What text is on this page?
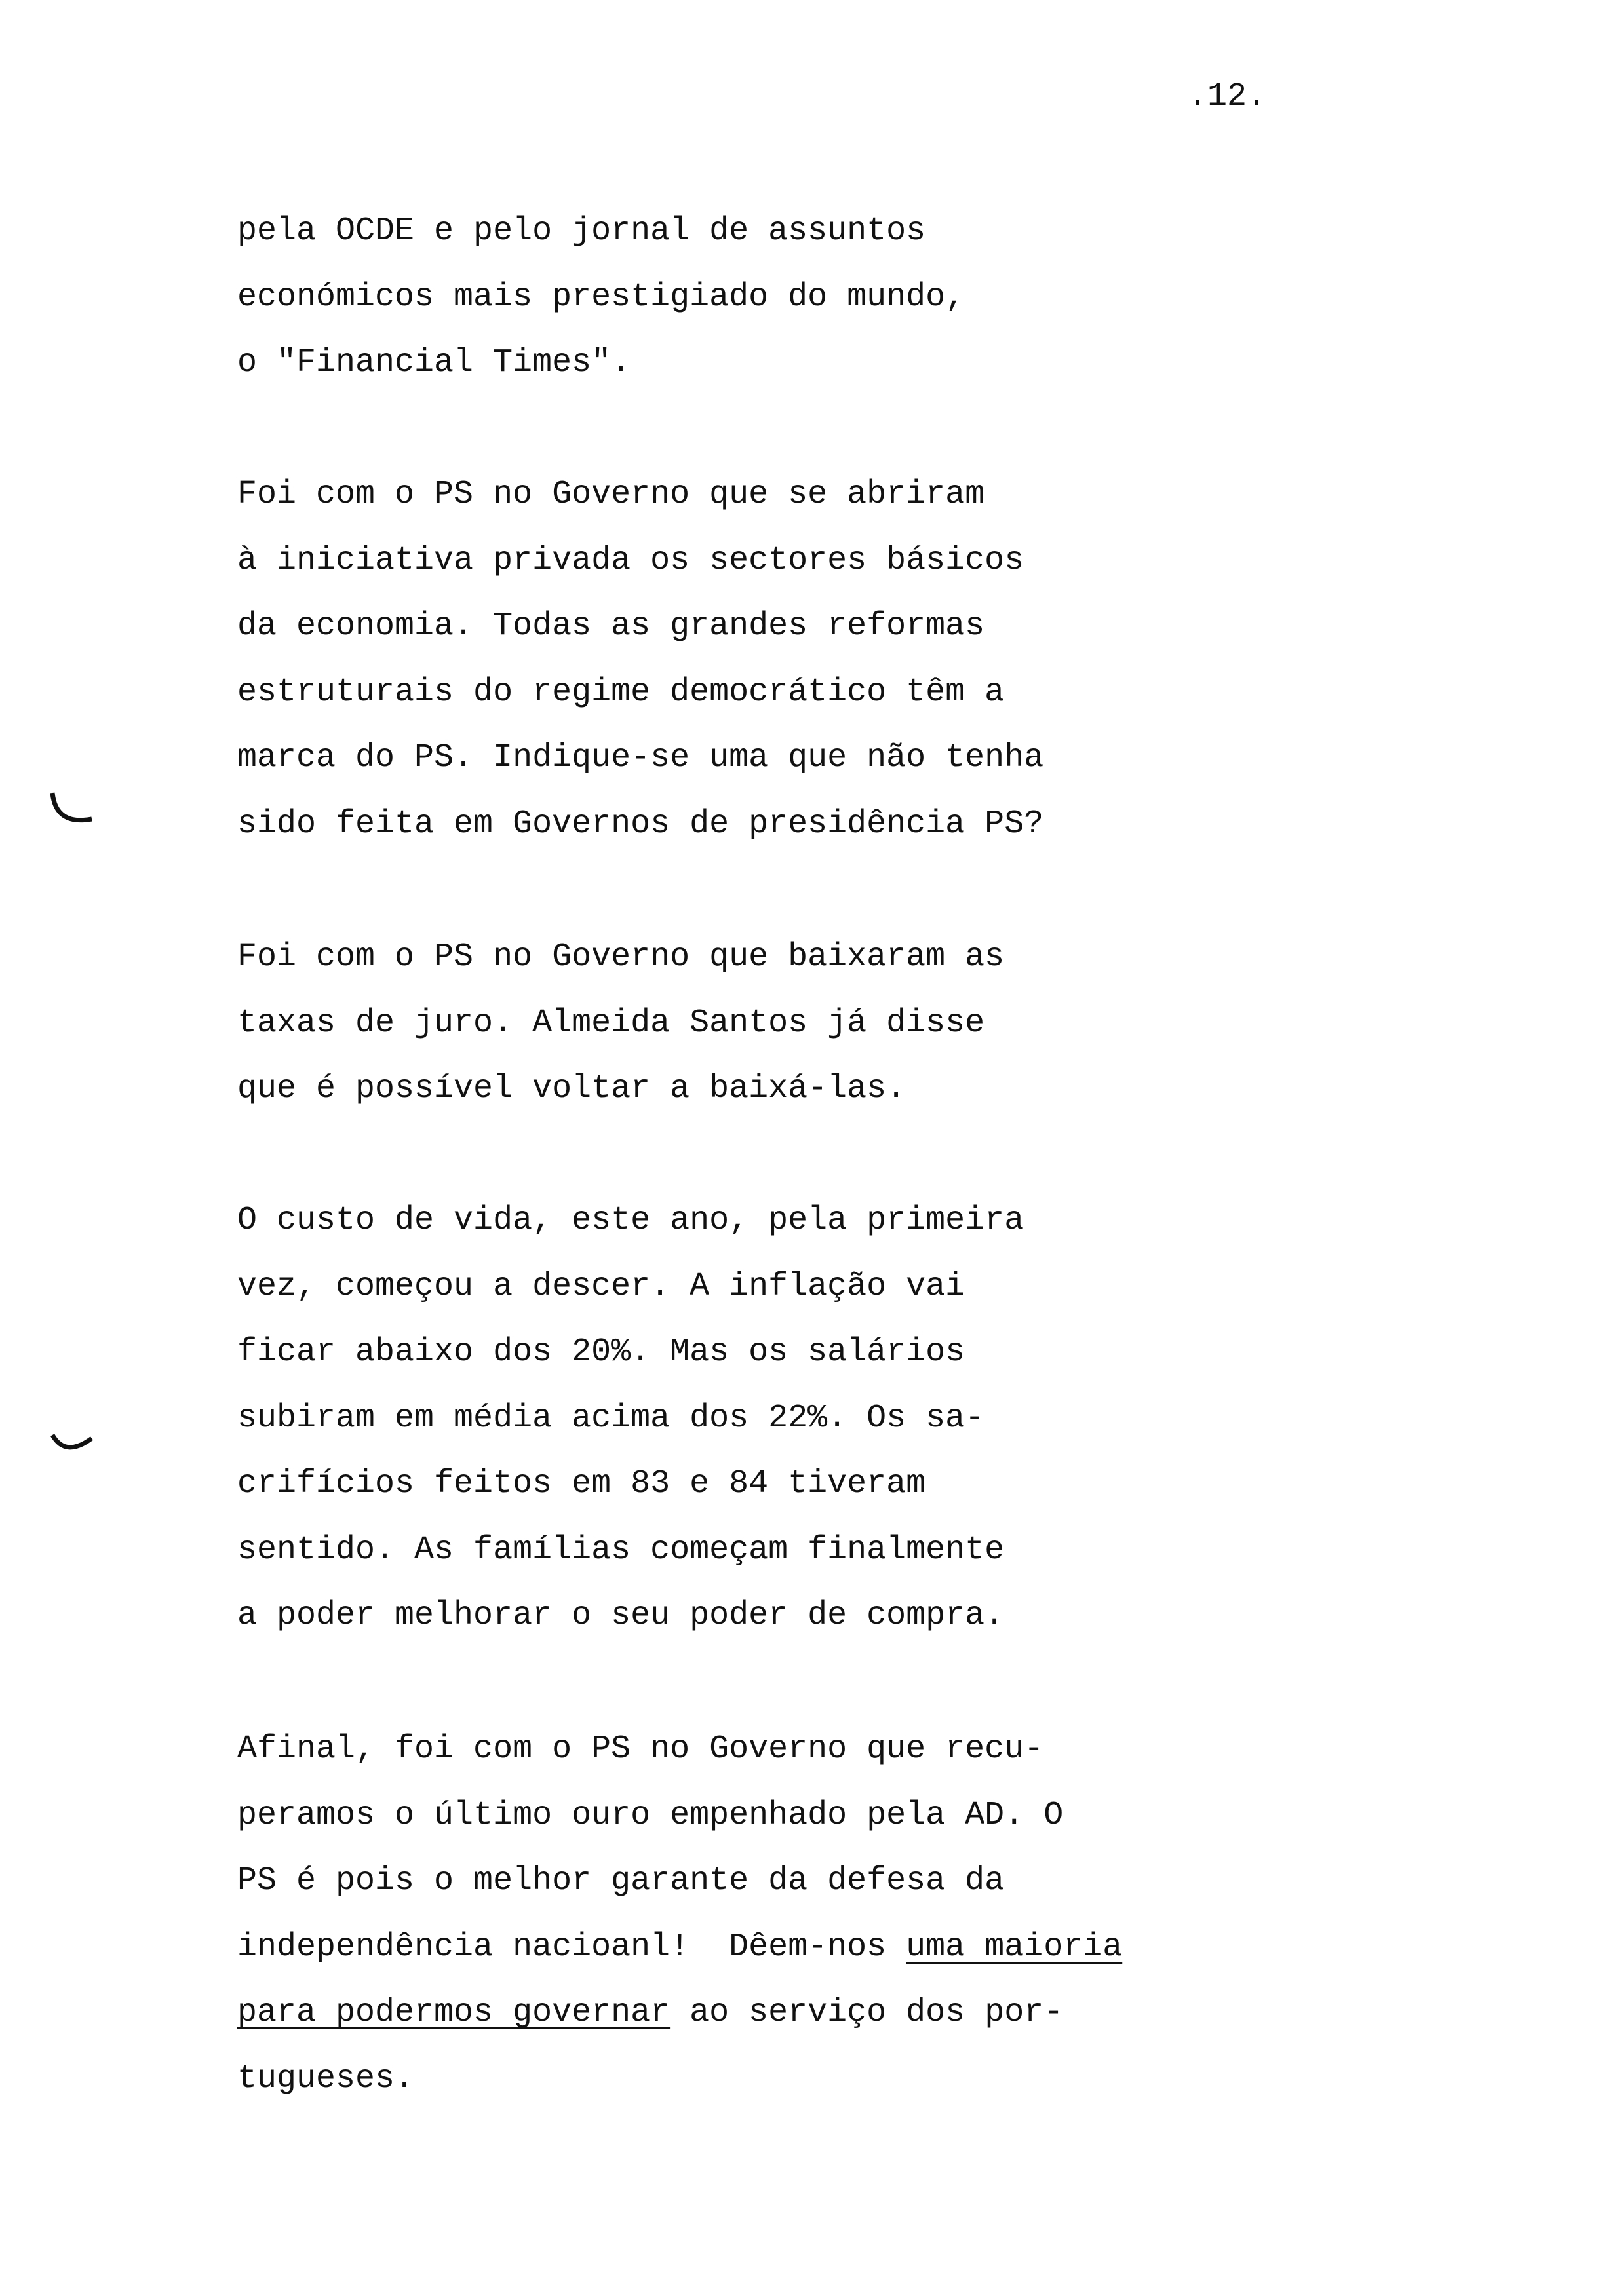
.12.
pela OCDE e pelo jornal de assuntos
económicos mais prestigiado do mundo,
o "Financial Times".
Foi com o PS no Governo que se abriram
à iniciativa privada os sectores básicos
da economia. Todas as grandes reformas
estruturais do regime democrático têm a
marca do PS. Indique-se uma que não tenha
sido feita em Governos de presidência PS?
Foi com o PS no Governo que baixaram as
taxas de juro. Almeida Santos já disse
que é possível voltar a baixá-las.
O custo de vida, este ano, pela primeira
vez, começou a descer. A inflação vai
ficar abaixo dos 20%. Mas os salários
subiram em média acima dos 22%. Os sa-
crifícios feitos em 83 e 84 tiveram
sentido. As famílias começam finalmente
a poder melhorar o seu poder de compra.
Afinal, foi com o PS no Governo que recu-
peramos o último ouro empenhado pela AD. O
PS é pois o melhor garante da defesa da
independência nacioanl!  Dêem-nos uma maioria
para podermos governar ao serviço dos por-
tugueses.
